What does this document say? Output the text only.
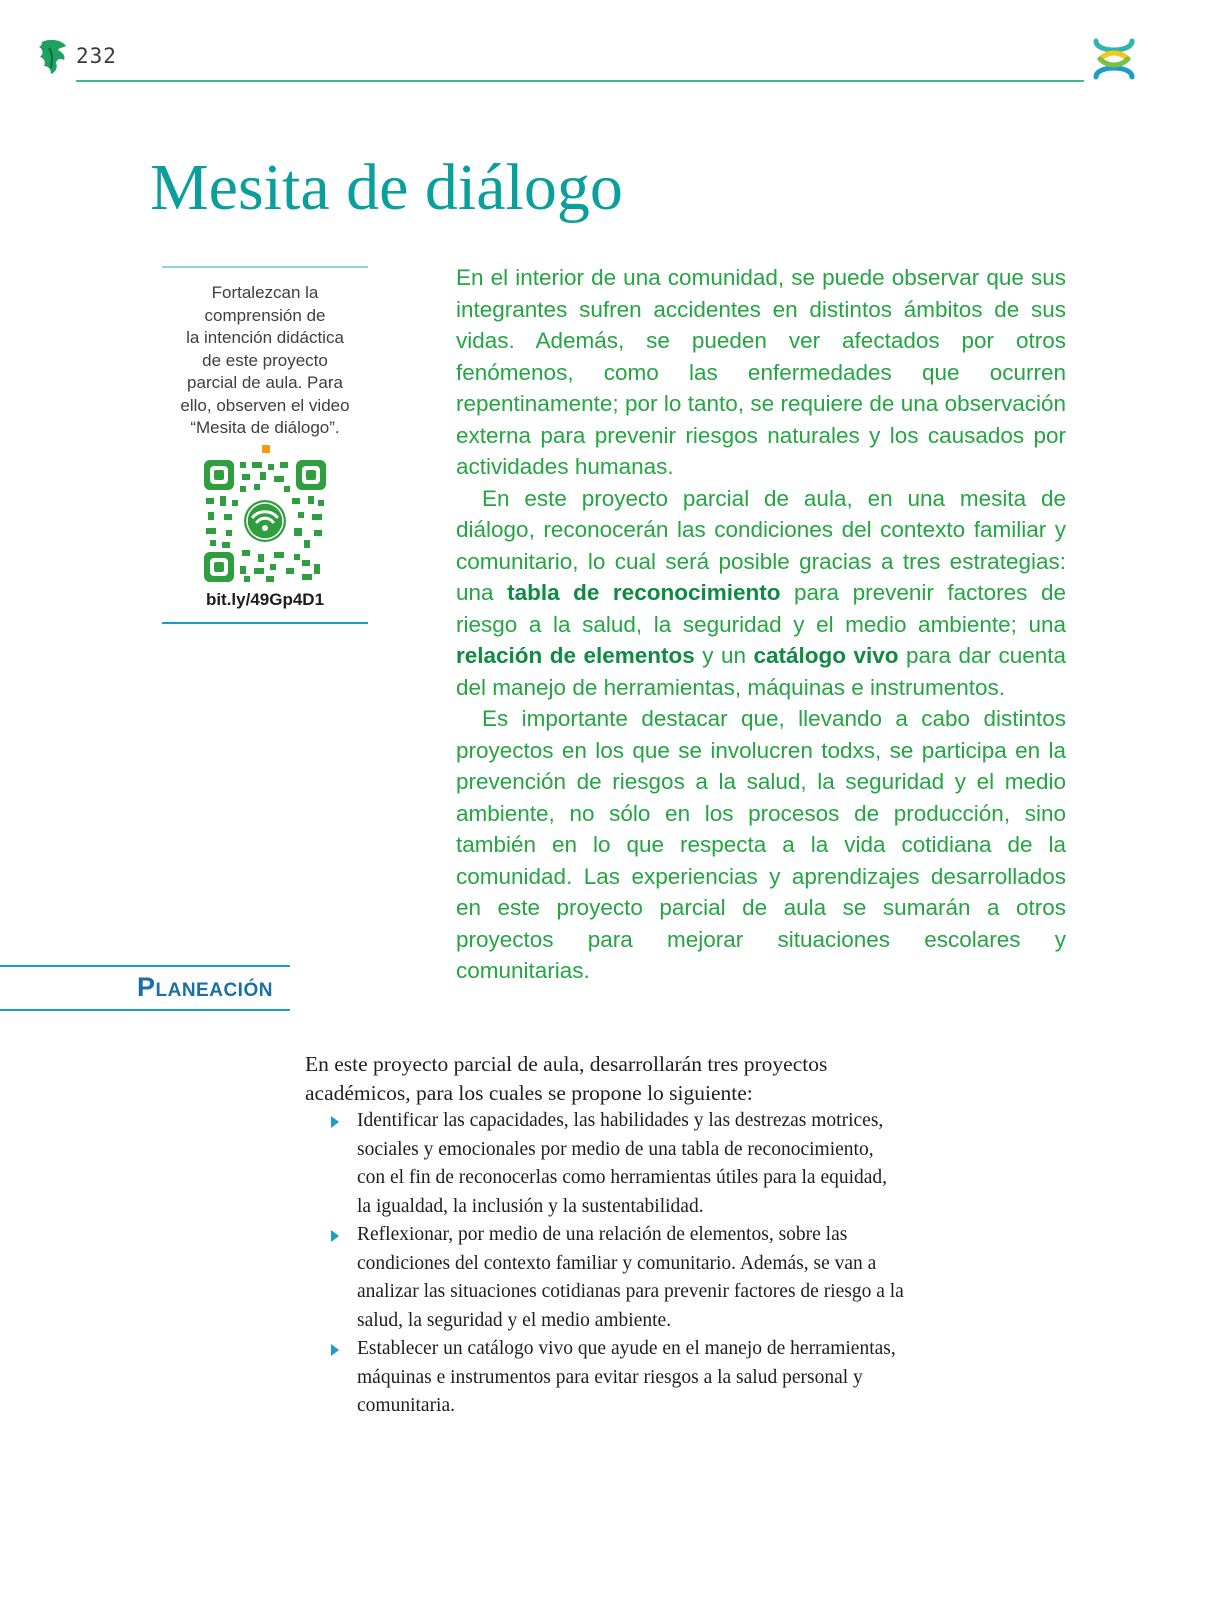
232
Mesita de diálogo

Fortalezcan la
comprensión de
la intención didáctica
de este proyecto
parcial de aula. Para
ello, observen el video
“Mesita de diálogo”.

bit.ly/49Gp4D1

En el interior de una comunidad, se puede observar que sus integrantes sufren accidentes en distintos ámbitos de sus vidas. Además, se pueden ver afectados por otros fenómenos, como las enfermedades que ocurren repentinamente; por lo tanto, se requiere de una observación externa para prevenir riesgos naturales y los causados por actividades humanas.

En este proyecto parcial de aula, en una mesita de diálogo, reconocerán las condiciones del contexto familiar y comunitario, lo cual será posible gracias a tres estrategias: una tabla de reconocimiento para prevenir factores de riesgo a la salud, la seguridad y el medio ambiente; una relación de elementos y un catálogo vivo para dar cuenta del manejo de herramientas, máquinas e instrumentos.

Es importante destacar que, llevando a cabo distintos proyectos en los que se involucren todxs, se participa en la prevención de riesgos a la salud, la seguridad y el medio ambiente, no sólo en los procesos de producción, sino también en lo que respecta a la vida cotidiana de la comunidad. Las experiencias y aprendizajes desarrollados en este proyecto parcial de aula se sumarán a otros proyectos para mejorar situaciones escolares y comunitarias.

Planeación

En este proyecto parcial de aula, desarrollarán tres proyectos académicos, para los cuales se propone lo siguiente:

Identificar las capacidades, las habilidades y las destrezas motrices, sociales y emocionales por medio de una tabla de reconocimiento, con el fin de reconocerlas como herramientas útiles para la equidad, la igualdad, la inclusión y la sustentabilidad.
Reflexionar, por medio de una relación de elementos, sobre las condiciones del contexto familiar y comunitario. Además, se van a analizar las situaciones cotidianas para prevenir factores de riesgo a la salud, la seguridad y el medio ambiente.
Establecer un catálogo vivo que ayude en el manejo de herramientas, máquinas e instrumentos para evitar riesgos a la salud personal y comunitaria.
